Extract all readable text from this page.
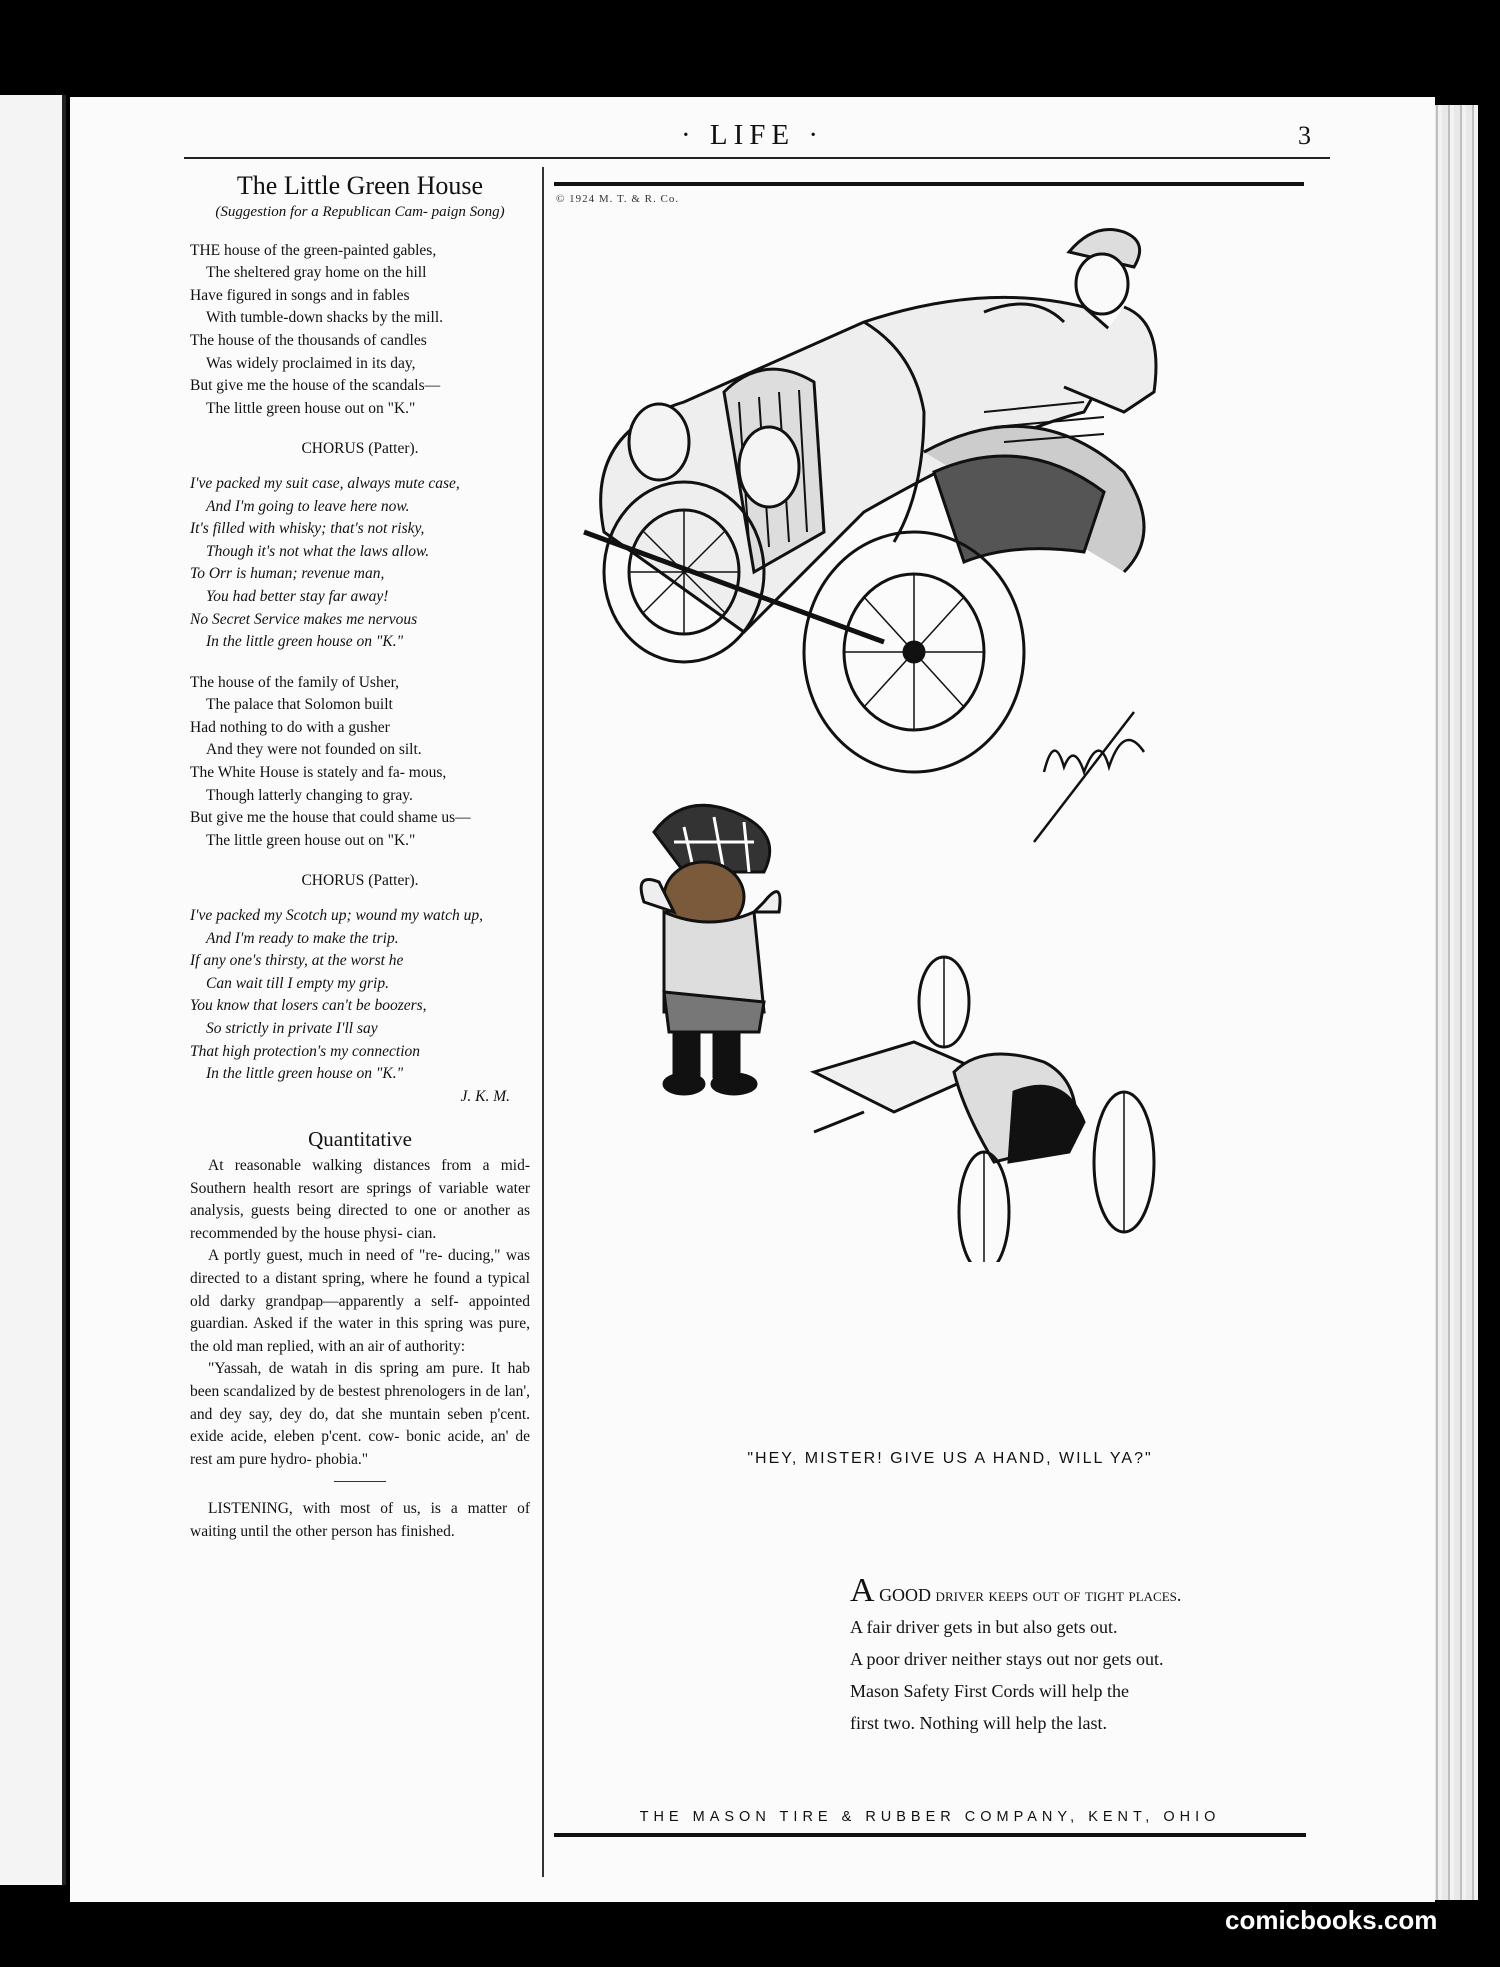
· LIFE ·	3
The Little Green House
(Suggestion for a Republican Cam- paign Song)

THE house of the green-painted gables,

The sheltered gray home on the hill

Have figured in songs and in fables

With tumble-down shacks by the mill.

The house of the thousands of candles

Was widely proclaimed in its day,

But give me the house of the scandals—

The little green house out on "K."

CHORUS (Patter).

I've packed my suit case, always mute case,

And I'm going to leave here now.

It's filled with whisky; that's not risky,

Though it's not what the laws allow.

To Orr is human; revenue man,

You had better stay far away!

No Secret Service makes me nervous

In the little green house on "K."

The house of the family of Usher,

The palace that Solomon built

Had nothing to do with a gusher

And they were not founded on silt.

The White House is stately and fa- mous,

Though latterly changing to gray.

But give me the house that could shame us—

The little green house out on "K."

CHORUS (Patter).

I've packed my Scotch up; wound my watch up,

And I'm ready to make the trip.

If any one's thirsty, at the worst he

Can wait till I empty my grip.

You know that losers can't be boozers,

So strictly in private I'll say

That high protection's my connection

In the little green house on "K."

J. K. M.

Quantitative

At reasonable walking distances from a mid-Southern health resort are springs of variable water analysis, guests being directed to one or another as recommended by the house physi- cian.

A portly guest, much in need of "re- ducing," was directed to a distant spring, where he found a typical old darky grandpap—apparently a self- appointed guardian. Asked if the water in this spring was pure, the old man replied, with an air of authority:

"Yassah, de watah in dis spring am pure. It hab been scandalized by de bestest phrenologers in de lan', and dey say, dey do, dat she muntain seben p'cent. exide acide, eleben p'cent. cow- bonic acide, an' de rest am pure hydro- phobia."

LISTENING, with most of us, is a matter of waiting until the other person has finished.

© 1924 M. T. & R. Co.
"HEY, MISTER! GIVE US A HAND, WILL YA?"

A GOOD driver keeps out of tight places.

A fair driver gets in but also gets out.

A poor driver neither stays out nor gets out.

Mason Safety First Cords will help the

first two. Nothing will help the last.

THE MASON TIRE & RUBBER COMPANY, KENT, OHIO
comicbooks.com
